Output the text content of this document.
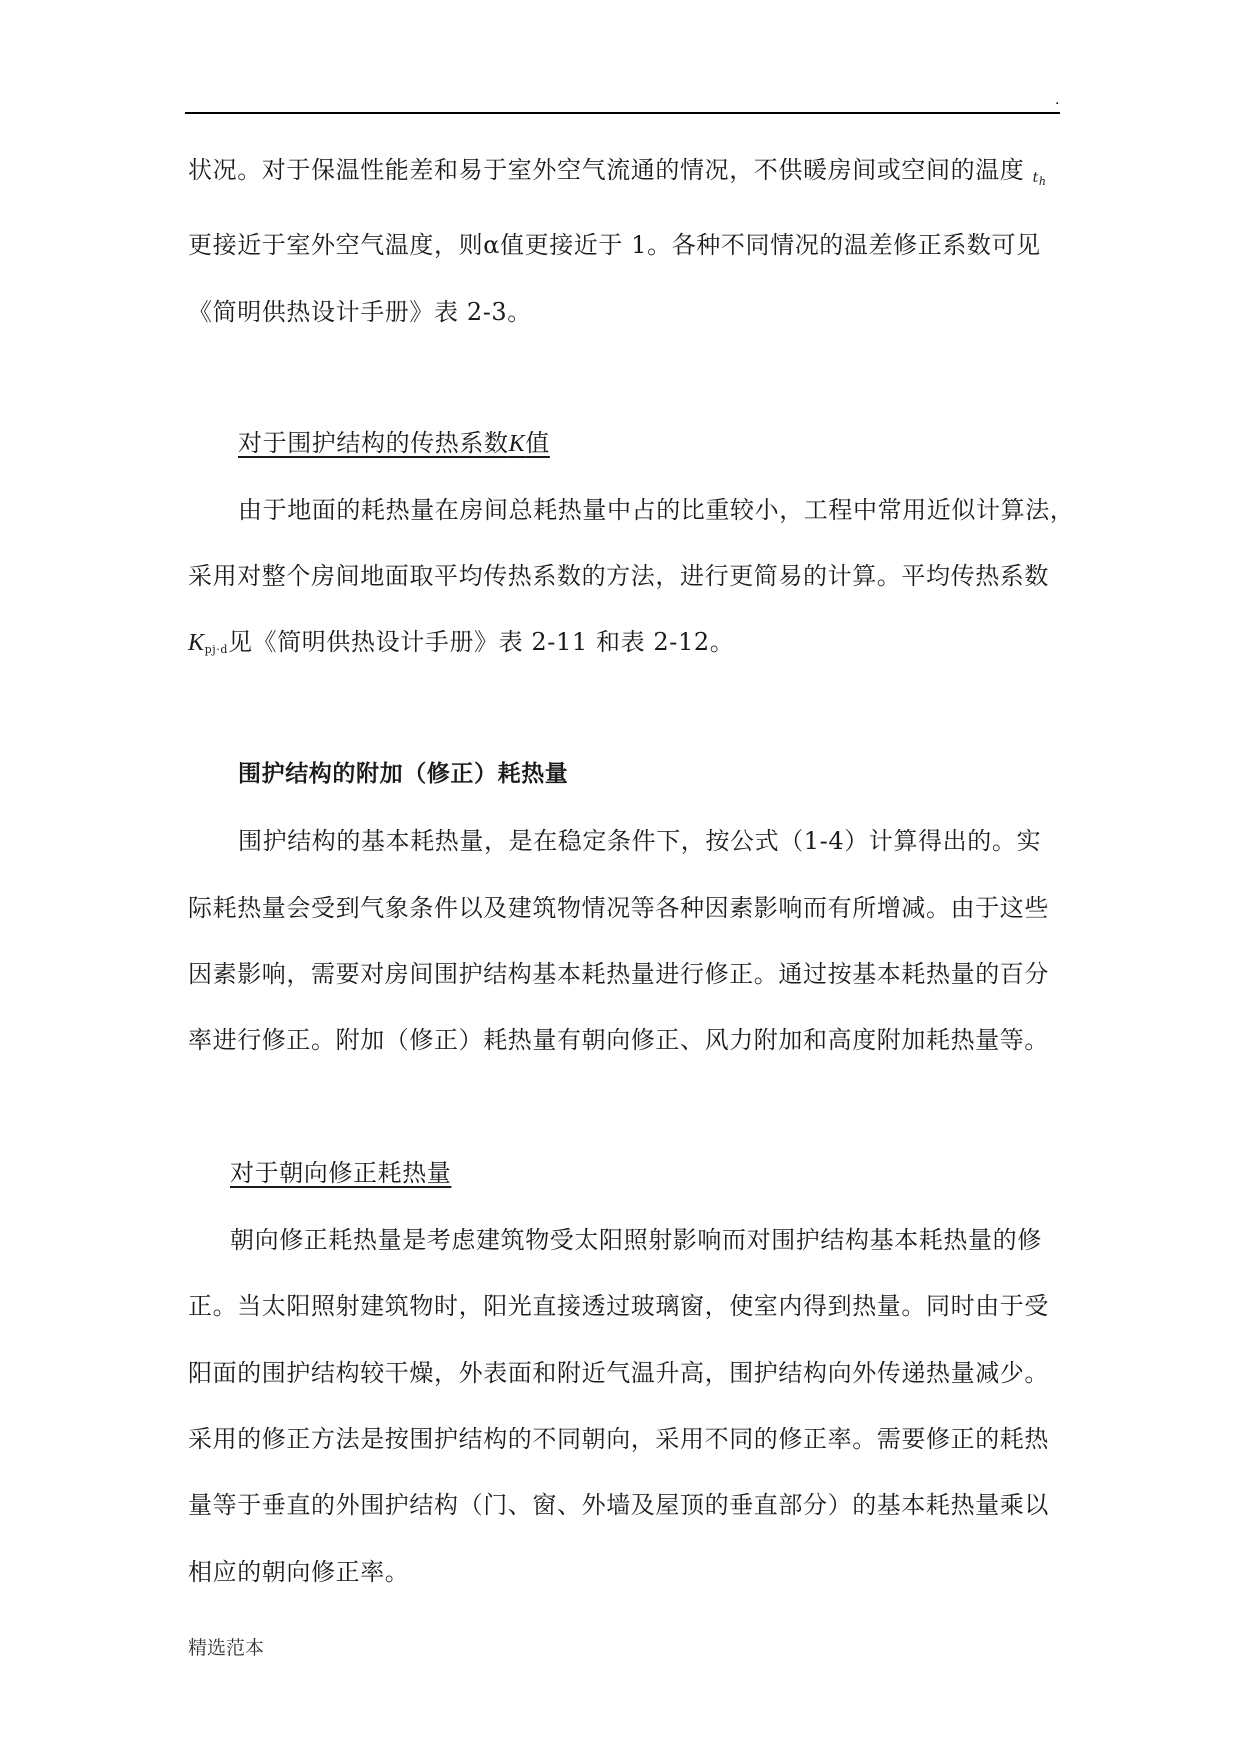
.
状况。对于保温性能差和易于室外空气流通的情况，不供暖房间或空间的温度 $t_h$
更接近于室外空气温度，则α值更接近于 1。各种不同情况的温差修正系数可见
《简明供热设计手册》表 2-3。
对于围护结构的传热系数K值
由于地面的耗热量在房间总耗热量中占的比重较小，工程中常用近似计算法，
采用对整个房间地面取平均传热系数的方法，进行更简易的计算。平均传热系数
$K_{pj\cdot d}$见《简明供热设计手册》表 2-11 和表 2-12。
围护结构的附加（修正）耗热量
围护结构的基本耗热量，是在稳定条件下，按公式（1-4）计算得出的。实
际耗热量会受到气象条件以及建筑物情况等各种因素影响而有所增减。由于这些
因素影响，需要对房间围护结构基本耗热量进行修正。通过按基本耗热量的百分
率进行修正。附加（修正）耗热量有朝向修正、风力附加和高度附加耗热量等。
对于朝向修正耗热量
朝向修正耗热量是考虑建筑物受太阳照射影响而对围护结构基本耗热量的修
正。当太阳照射建筑物时，阳光直接透过玻璃窗，使室内得到热量。同时由于受
阳面的围护结构较干燥，外表面和附近气温升高，围护结构向外传递热量减少。
采用的修正方法是按围护结构的不同朝向，采用不同的修正率。需要修正的耗热
量等于垂直的外围护结构（门、窗、外墙及屋顶的垂直部分）的基本耗热量乘以
相应的朝向修正率。
精选范本
